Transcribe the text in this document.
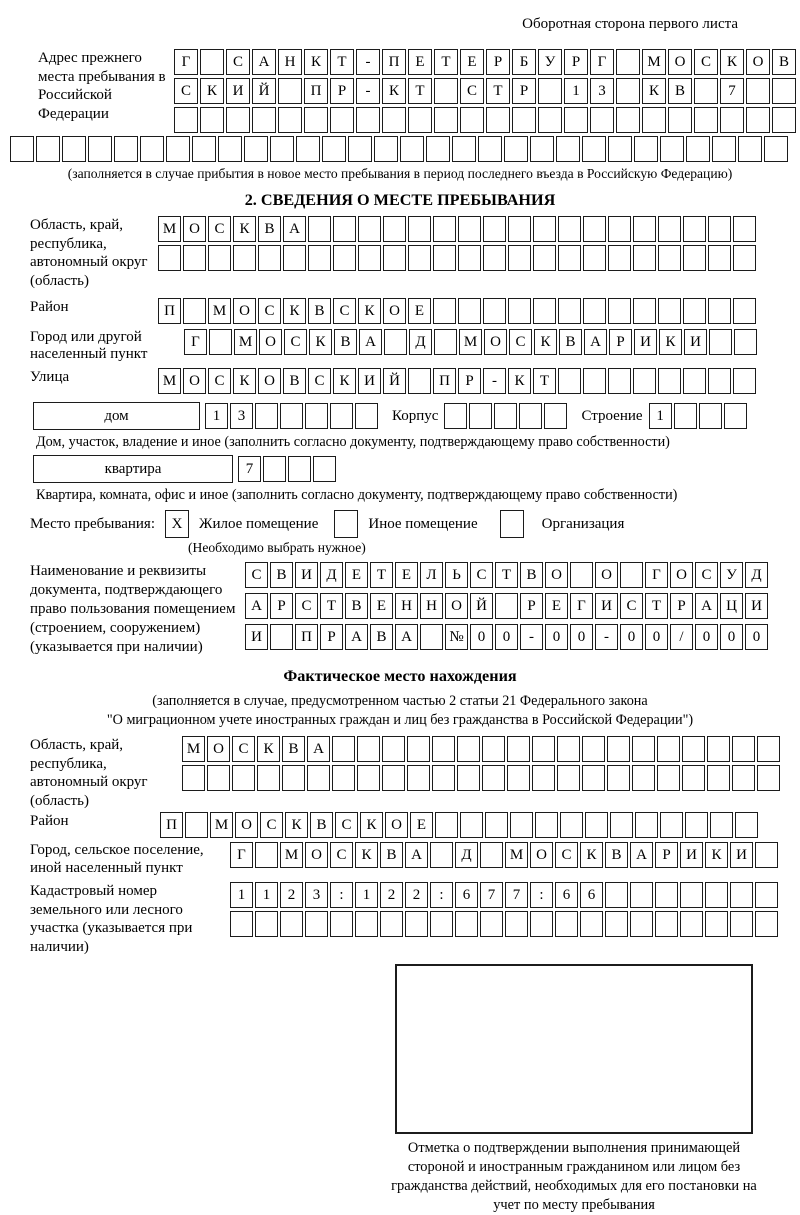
Оборотная сторона первого листа
Адрес прежнего места пребывания в Российской Федерации
Г	С	А	Н	К	Т	-	П	Е	Т	Е	Р	Б	У	Р	Г	М О	С	К	О	В
С	К	И	Й	П	Р	-	К	Т	С	Т	Р	1	3	К	В	7
(заполняется в случае прибытия в новое место пребывания в период последнего въезда в Российскую Федерацию)
2. СВЕДЕНИЯ О МЕСТЕ ПРЕБЫВАНИЯ
Область, край, республика, автономный округ (область)
М О С К В А
Район	П	М О С К В С К О Е
Город или другой населенный пункт
Г	М О С К В А	Д	М О С К В А	Р	И К И
Улица	М О С К О В С К И Й	П	Р	-	К	Т
дом	1	3	Корпус	Строение 1
Дом, участок, владение и иное (заполнить согласно документу, подтверждающему право собственности)
квартира	7
Квартира, комната, офис и иное (заполнить согласно документу, подтверждающему право собственности)
Место пребывания:	X	Жилое помещение	Иное помещение	Организация
(Необходимо выбрать нужное)
Наименование и реквизиты документа, подтверждающего право пользования помещением (строением, сооружением) (указывается при наличии)
С В И Д	Е	Т	Е	Л	Ь	С	Т	В О	О	Г	О С У Д
А	Р	С	Т	В	Е	Н Н О Й	Р	Е	Г	И С	Т	Р	А Ц И
И	П	Р	А В А	№ 0	0	-	0	0	-	0	0	/	0	0	0
Фактическое место нахождения
(заполняется в случае, предусмотренном частью 2 статьи 21 Федерального закона
"О миграционном учете иностранных граждан и лиц без гражданства в Российской Федерации")
Область, край, республика, автономный округ (область)
М О С К В А
Район	П	М О С К В С К О Е
Город, сельское поселение, иной населенный пункт
Г	М О С К В А	Д	М О С К В А	Р	И К И
Кадастровый номер земельного или лесного участка (указывается при наличии)
1	1	2	3	:	1	2	2	:	6	7	7	:	6	6
Отметка о подтверждении выполнения принимающей стороной и иностранным гражданином или лицом без гражданства действий, необходимых для его постановки на учет по месту пребывания
